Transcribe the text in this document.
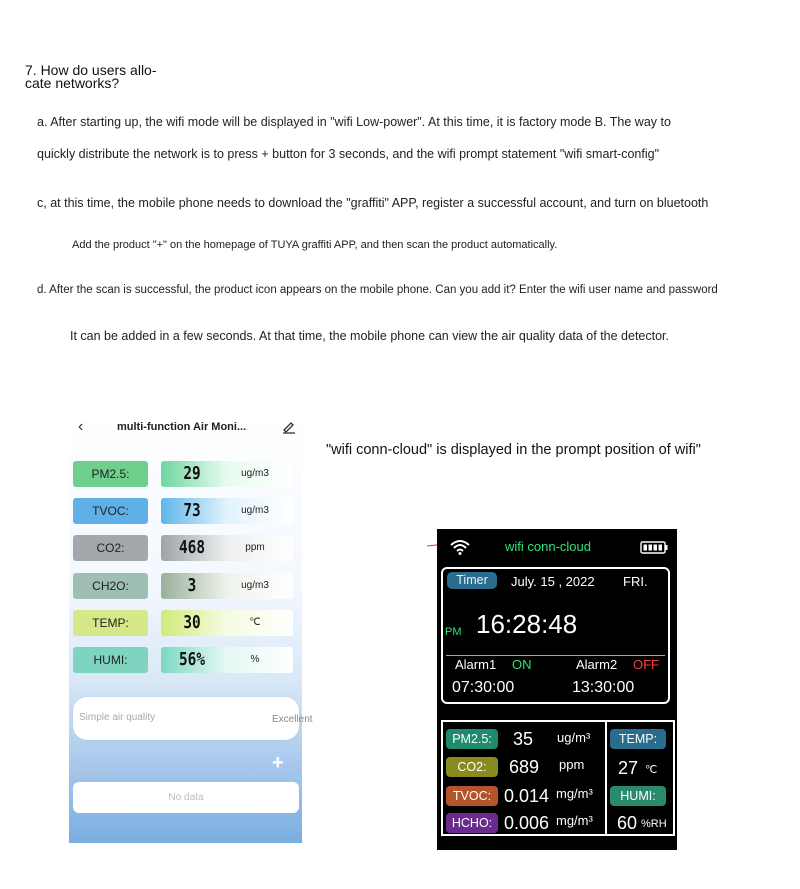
7. How do users allo- cate networks?
a. After starting up, the wifi mode will be displayed in "wifi Low-power". At this time, it is factory mode B. The way to
quickly distribute the network is to press + button for 3 seconds, and the wifi prompt statement "wifi smart-config"
c, at this time, the mobile phone needs to download the "graffiti" APP, register a successful account, and turn on bluetooth
Add the product "+" on the homepage of TUYA graffiti APP, and then scan the product automatically.
d. After the scan is successful, the product icon appears on the mobile phone. Can you add it? Enter the wifi user name and password
It can be added in a few seconds. At that time, the mobile phone can view the air quality data of the detector.
‹	multi-function Air Moni...
PM2.5:	29	ug/m3
TVOC:	73	ug/m3
CO2:	468	ppm
CH2O:	3	ug/m3
TEMP:	30	℃
HUMI:	56%	%
Simple air quality	Excellent
Air index	+
No data
"wifi conn-cloud" is displayed in the prompt position of wifi"
wifi conn-cloud
Timer	July. 15 , 2022 FRI.
PM 16:28:48
Alarm1 ON
07:30:00
Alarm2 OFF
13:30:00
PM2.5:	35 ug/m³
CO2:	689 ppm
TVOC: 0.014 mg/m³
HCHO: 0.006 mg/m³
TEMP:
27 ℃
HUMI:
60 %RH
